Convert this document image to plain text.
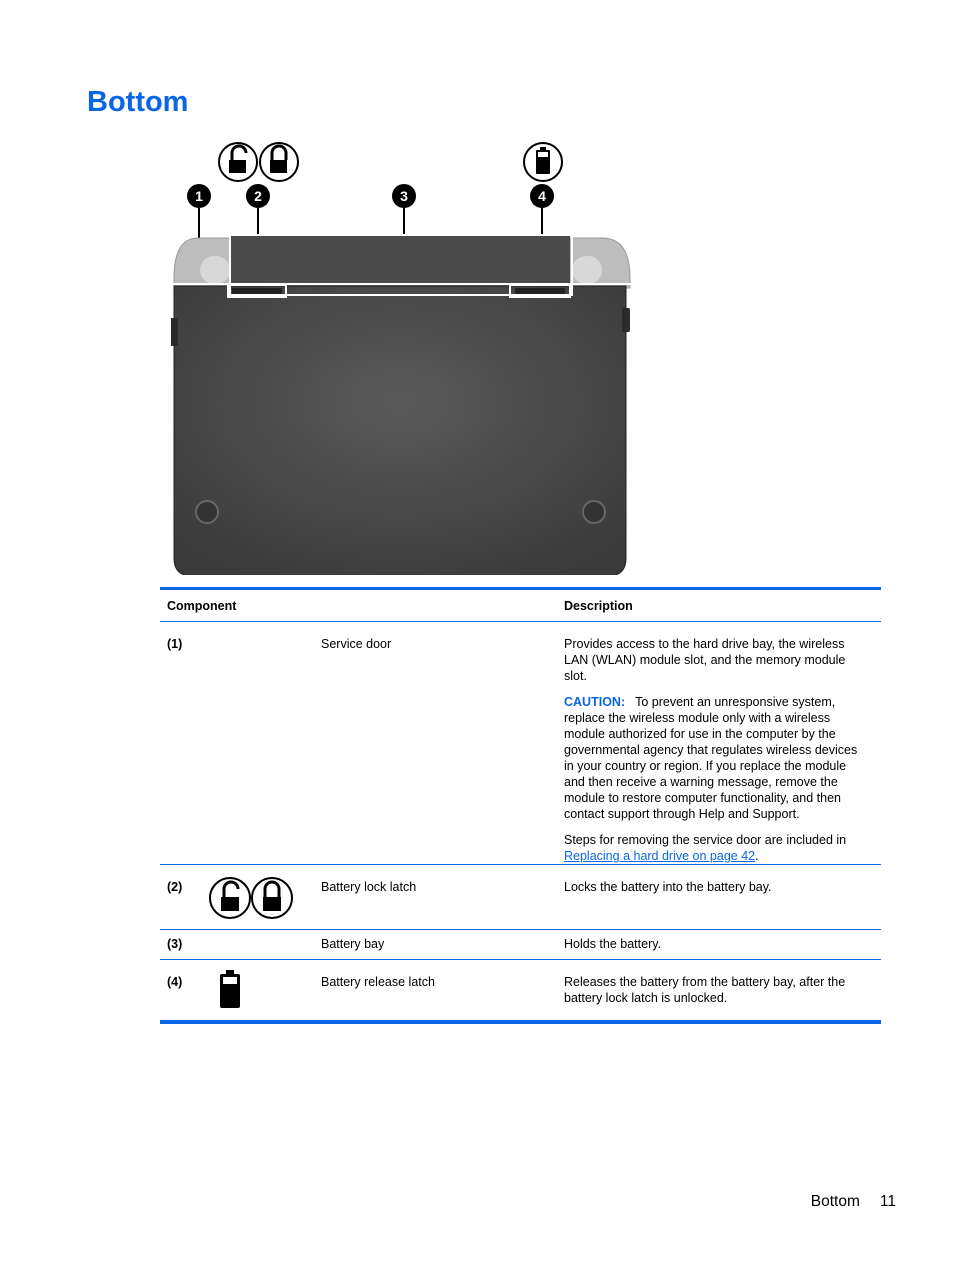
Bottom
1	2	3	4
Component	Description
(1)	Service door	Provides access to the hard drive bay, the wireless LAN (WLAN) module slot, and the memory module slot.

CAUTION: To prevent an unresponsive system, replace the wireless module only with a wireless module authorized for use in the computer by the governmental agency that regulates wireless devices in your country or region. If you replace the module and then receive a warning message, remove the module to restore computer functionality, and then contact support through Help and Support.

Steps for removing the service door are included in Replacing a hard drive on page 42.

(2)	Battery lock latch	Locks the battery into the battery bay.
(3)	Battery bay	Holds the battery.
(4)	Battery release latch	Releases the battery from the battery bay, after the battery lock latch is unlocked.
Bottom 11
